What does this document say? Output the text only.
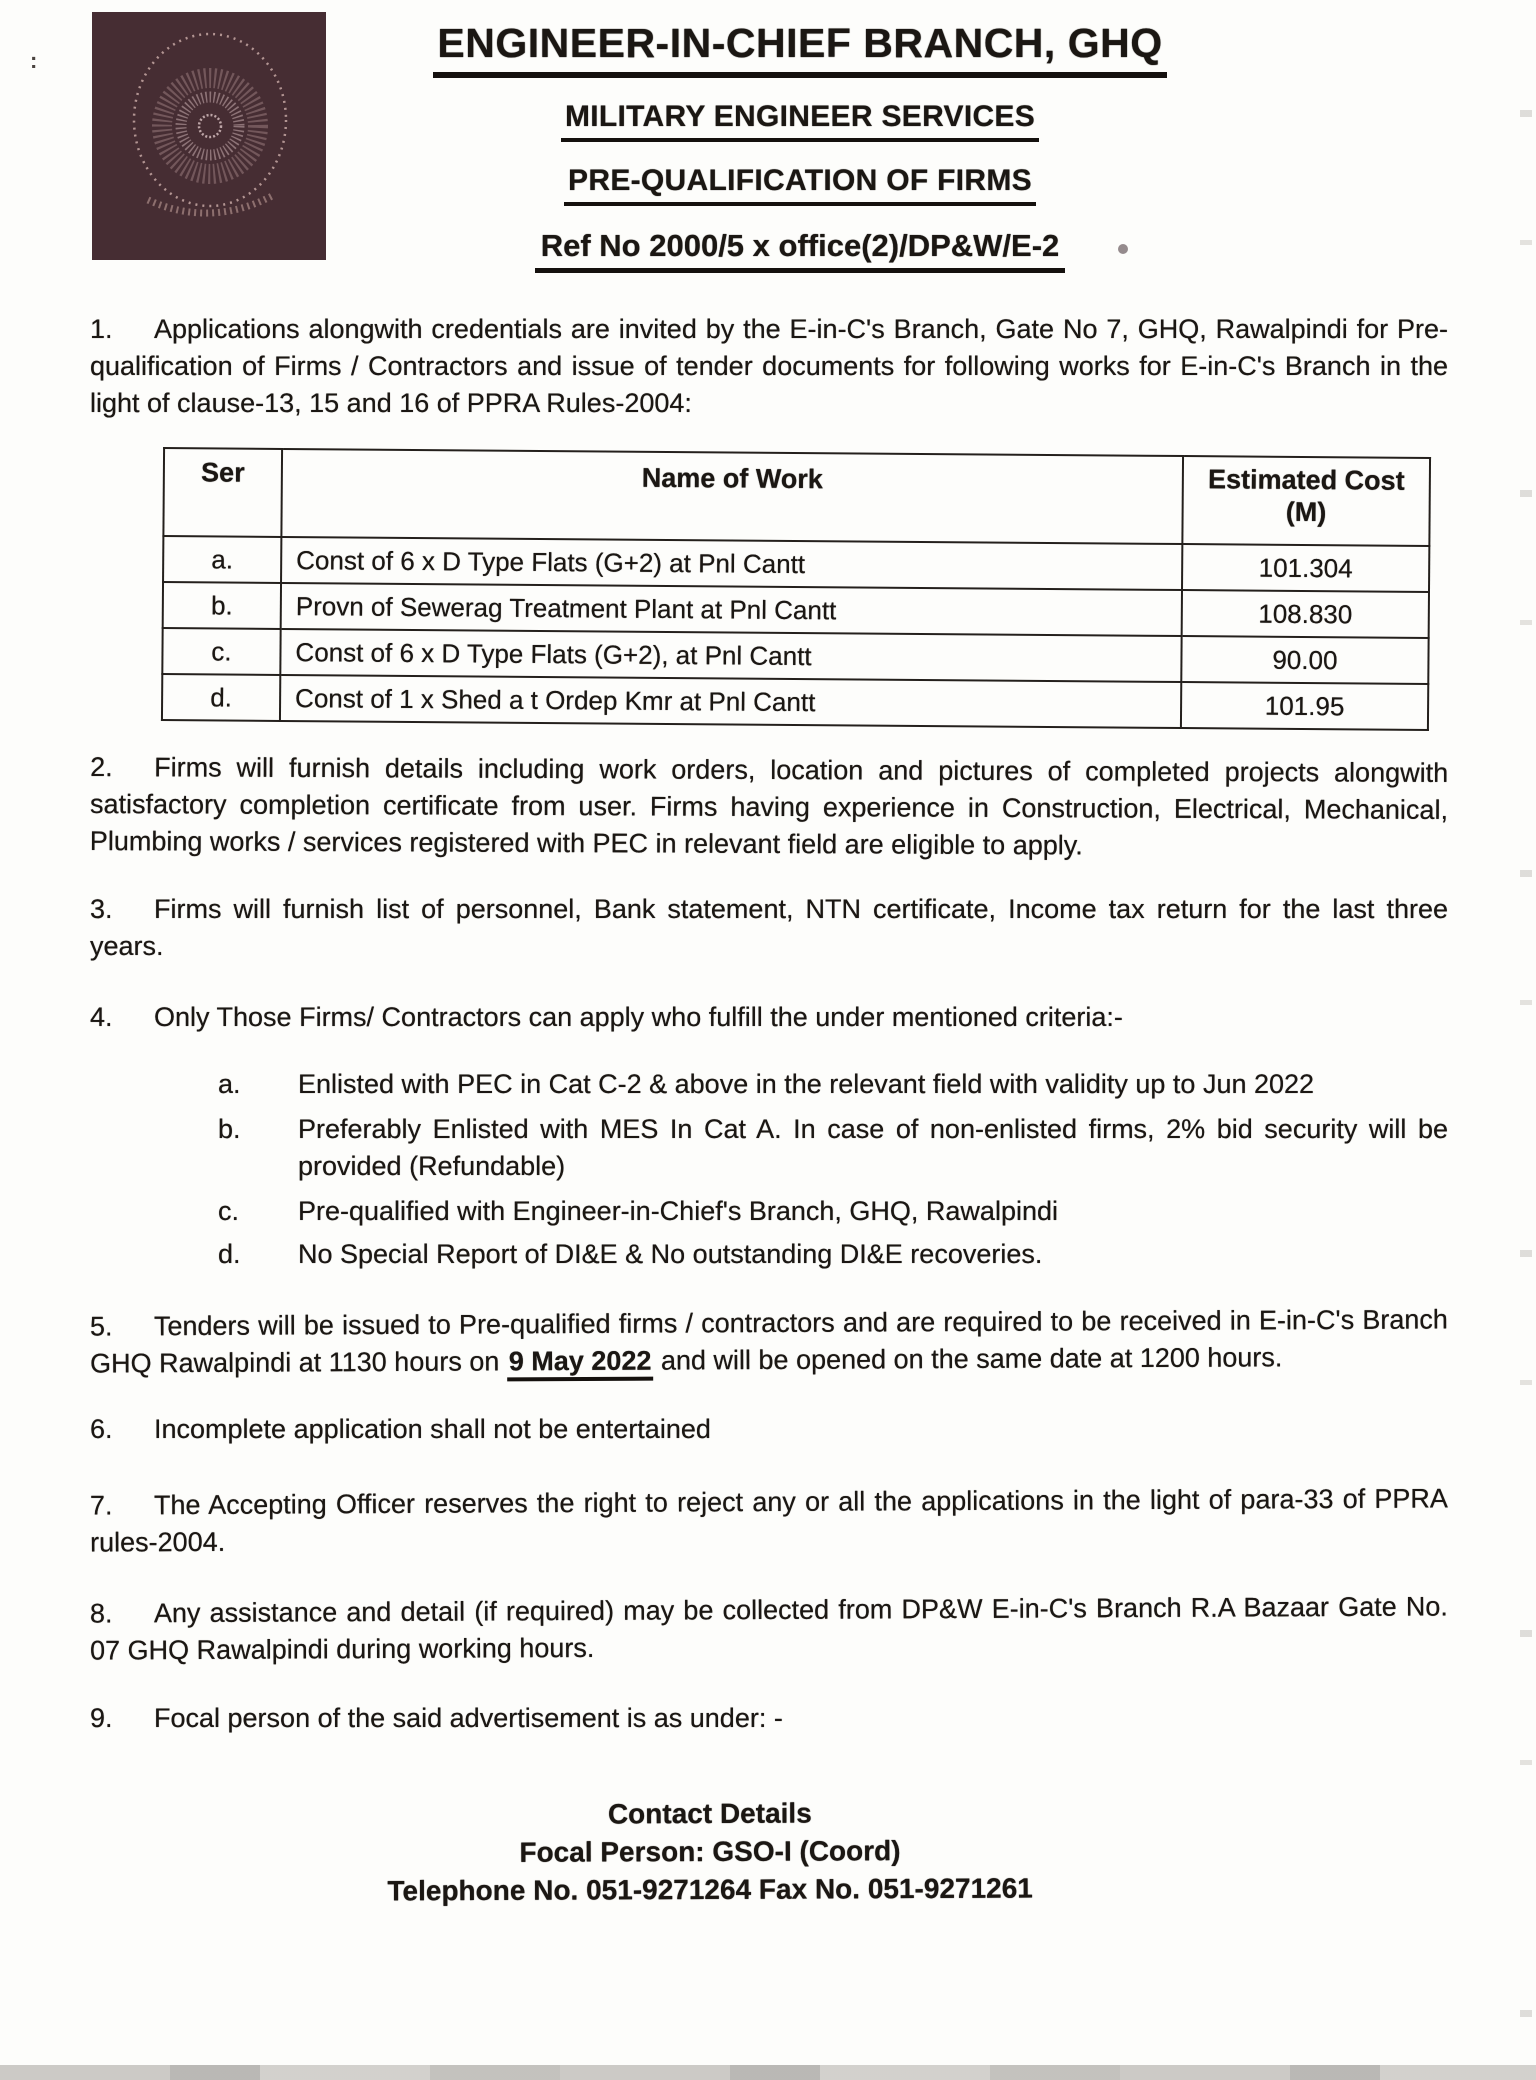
:	ENGINEER-IN-CHIEF BRANCH, GHQ
MILITARY ENGINEER SERVICES
PRE-QUALIFICATION OF FIRMS
Ref No 2000/5 x office(2)/DP&W/E-2

1. Applications alongwith credentials are invited by the E-in-C's Branch, Gate No 7, GHQ, Rawalpindi for Pre-qualification of Firms / Contractors and issue of tender documents for following works for E-in-C's Branch in the light of clause-13, 15 and 16 of PPRA Rules-2004:

Ser	Name of Work	Estimated Cost
(M)
a.	Const of 6 x D Type Flats (G+2) at Pnl Cantt	101.304
b.	Provn of Sewerag Treatment Plant at Pnl Cantt	108.830
c.	Const of 6 x D Type Flats (G+2), at Pnl Cantt	90.00
d.	Const of 1 x Shed a t Ordep Kmr at Pnl Cantt	101.95

2. Firms will furnish details including work orders, location and pictures of completed projects alongwith satisfactory completion certificate from user. Firms having experience in Construction, Electrical, Mechanical, Plumbing works / services registered with PEC in relevant field are eligible to apply.

3. Firms will furnish list of personnel, Bank statement, NTN certificate, Income tax return for the last three years.

4. Only Those Firms/ Contractors can apply who fulfill the under mentioned criteria:-

a. Enlisted with PEC in Cat C-2 & above in the relevant field with validity up to Jun 2022
b. Preferably Enlisted with MES In Cat A. In case of non-enlisted firms, 2% bid security will be provided (Refundable)
c. Pre-qualified with Engineer-in-Chief's Branch, GHQ, Rawalpindi
d. No Special Report of DI&E & No outstanding DI&E recoveries.

5. Tenders will be issued to Pre-qualified firms / contractors and are required to be received in E-in-C's Branch GHQ Rawalpindi at 1130 hours on 9 May 2022 and will be opened on the same date at 1200 hours.

6. Incomplete application shall not be entertained

7. The Accepting Officer reserves the right to reject any or all the applications in the light of para-33 of PPRA rules-2004.

8. Any assistance and detail (if required) may be collected from DP&W E-in-C's Branch R.A Bazaar Gate No. 07 GHQ Rawalpindi during working hours.

9. Focal person of the said advertisement is as under: -

Contact Details
Focal Person: GSO-I (Coord)
Telephone No. 051-9271264 Fax No. 051-9271261
